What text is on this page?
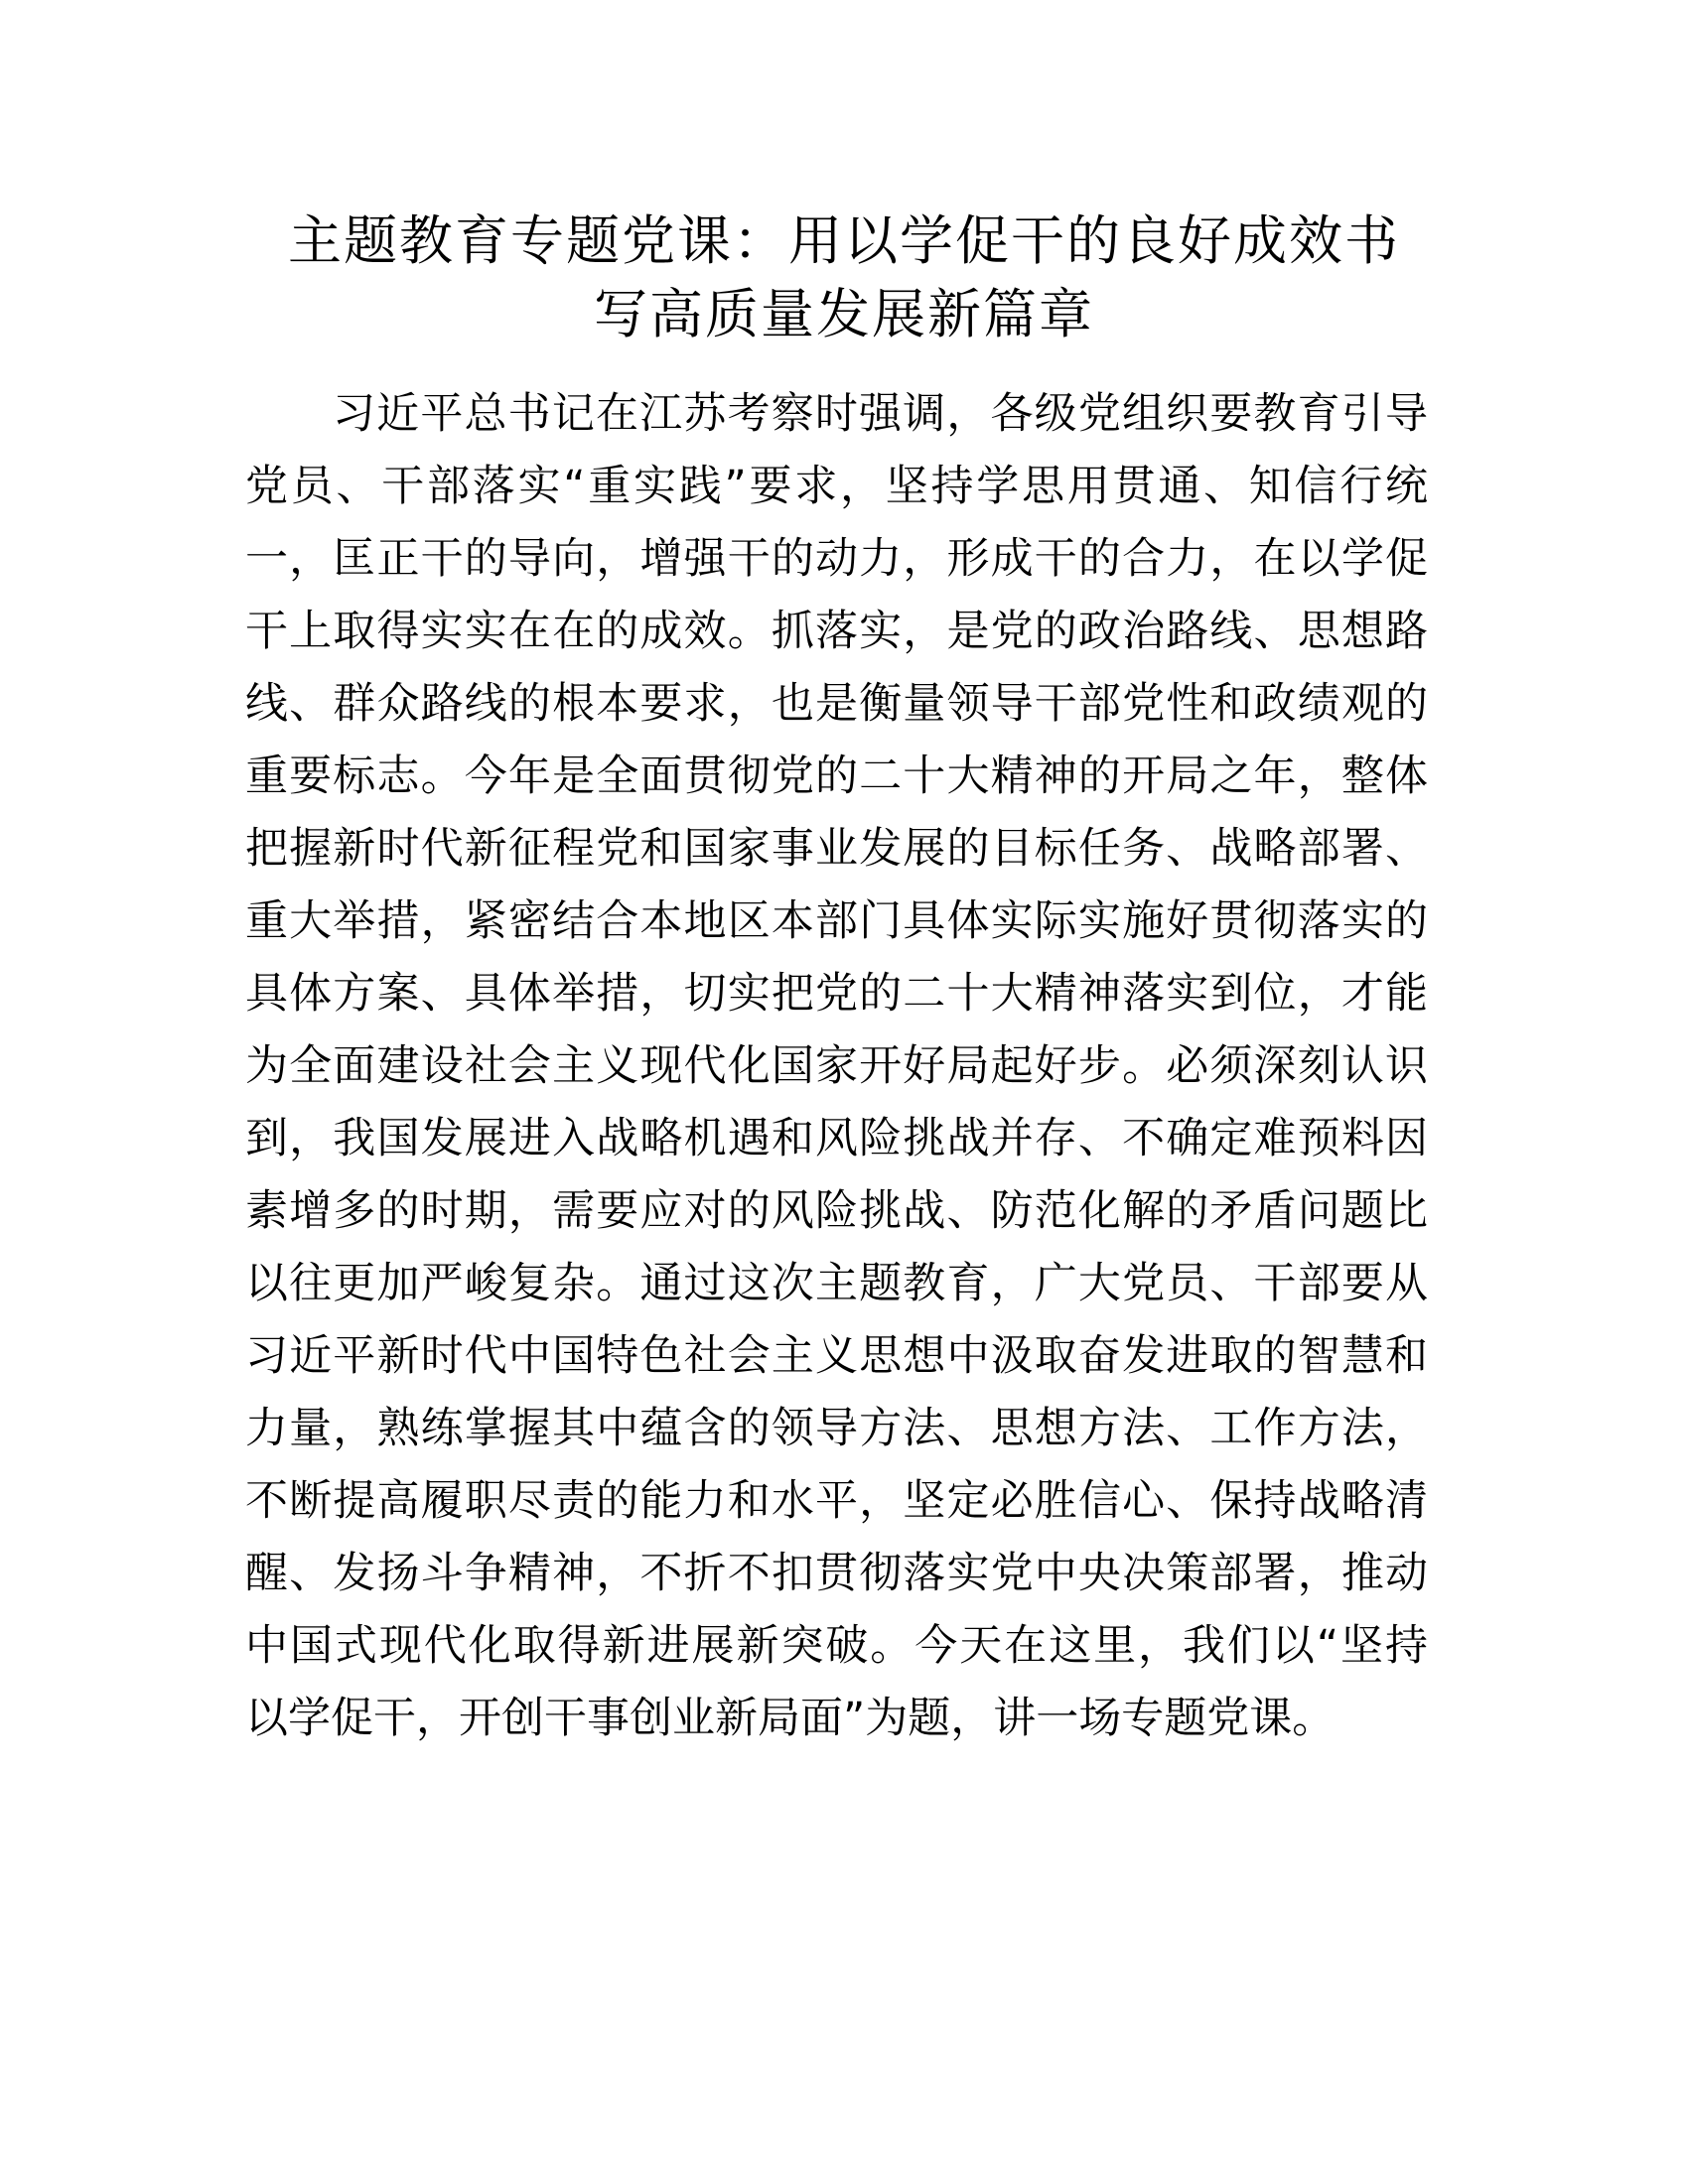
主题教育专题党课：用以学促干的良好成效书
写高质量发展新篇章
习近平总书记在江苏考察时强调，各级党组织要教育引导
党员、干部落实“重实践”要求，坚持学思用贯通、知信行统
一，匡正干的导向，增强干的动力，形成干的合力，在以学促
干上取得实实在在的成效。抓落实，是党的政治路线、思想路
线、群众路线的根本要求，也是衡量领导干部党性和政绩观的
重要标志。今年是全面贯彻党的二十大精神的开局之年，整体
把握新时代新征程党和国家事业发展的目标任务、战略部署、
重大举措，紧密结合本地区本部门具体实际实施好贯彻落实的
具体方案、具体举措，切实把党的二十大精神落实到位，才能
为全面建设社会主义现代化国家开好局起好步。必须深刻认识
到，我国发展进入战略机遇和风险挑战并存、不确定难预料因
素增多的时期，需要应对的风险挑战、防范化解的矛盾问题比
以往更加严峻复杂。通过这次主题教育，广大党员、干部要从
习近平新时代中国特色社会主义思想中汲取奋发进取的智慧和
力量，熟练掌握其中蕴含的领导方法、思想方法、工作方法，
不断提高履职尽责的能力和水平，坚定必胜信心、保持战略清
醒、发扬斗争精神，不折不扣贯彻落实党中央决策部署，推动
中国式现代化取得新进展新突破。今天在这里，我们以“坚持
以学促干，开创干事创业新局面”为题，讲一场专题党课。
